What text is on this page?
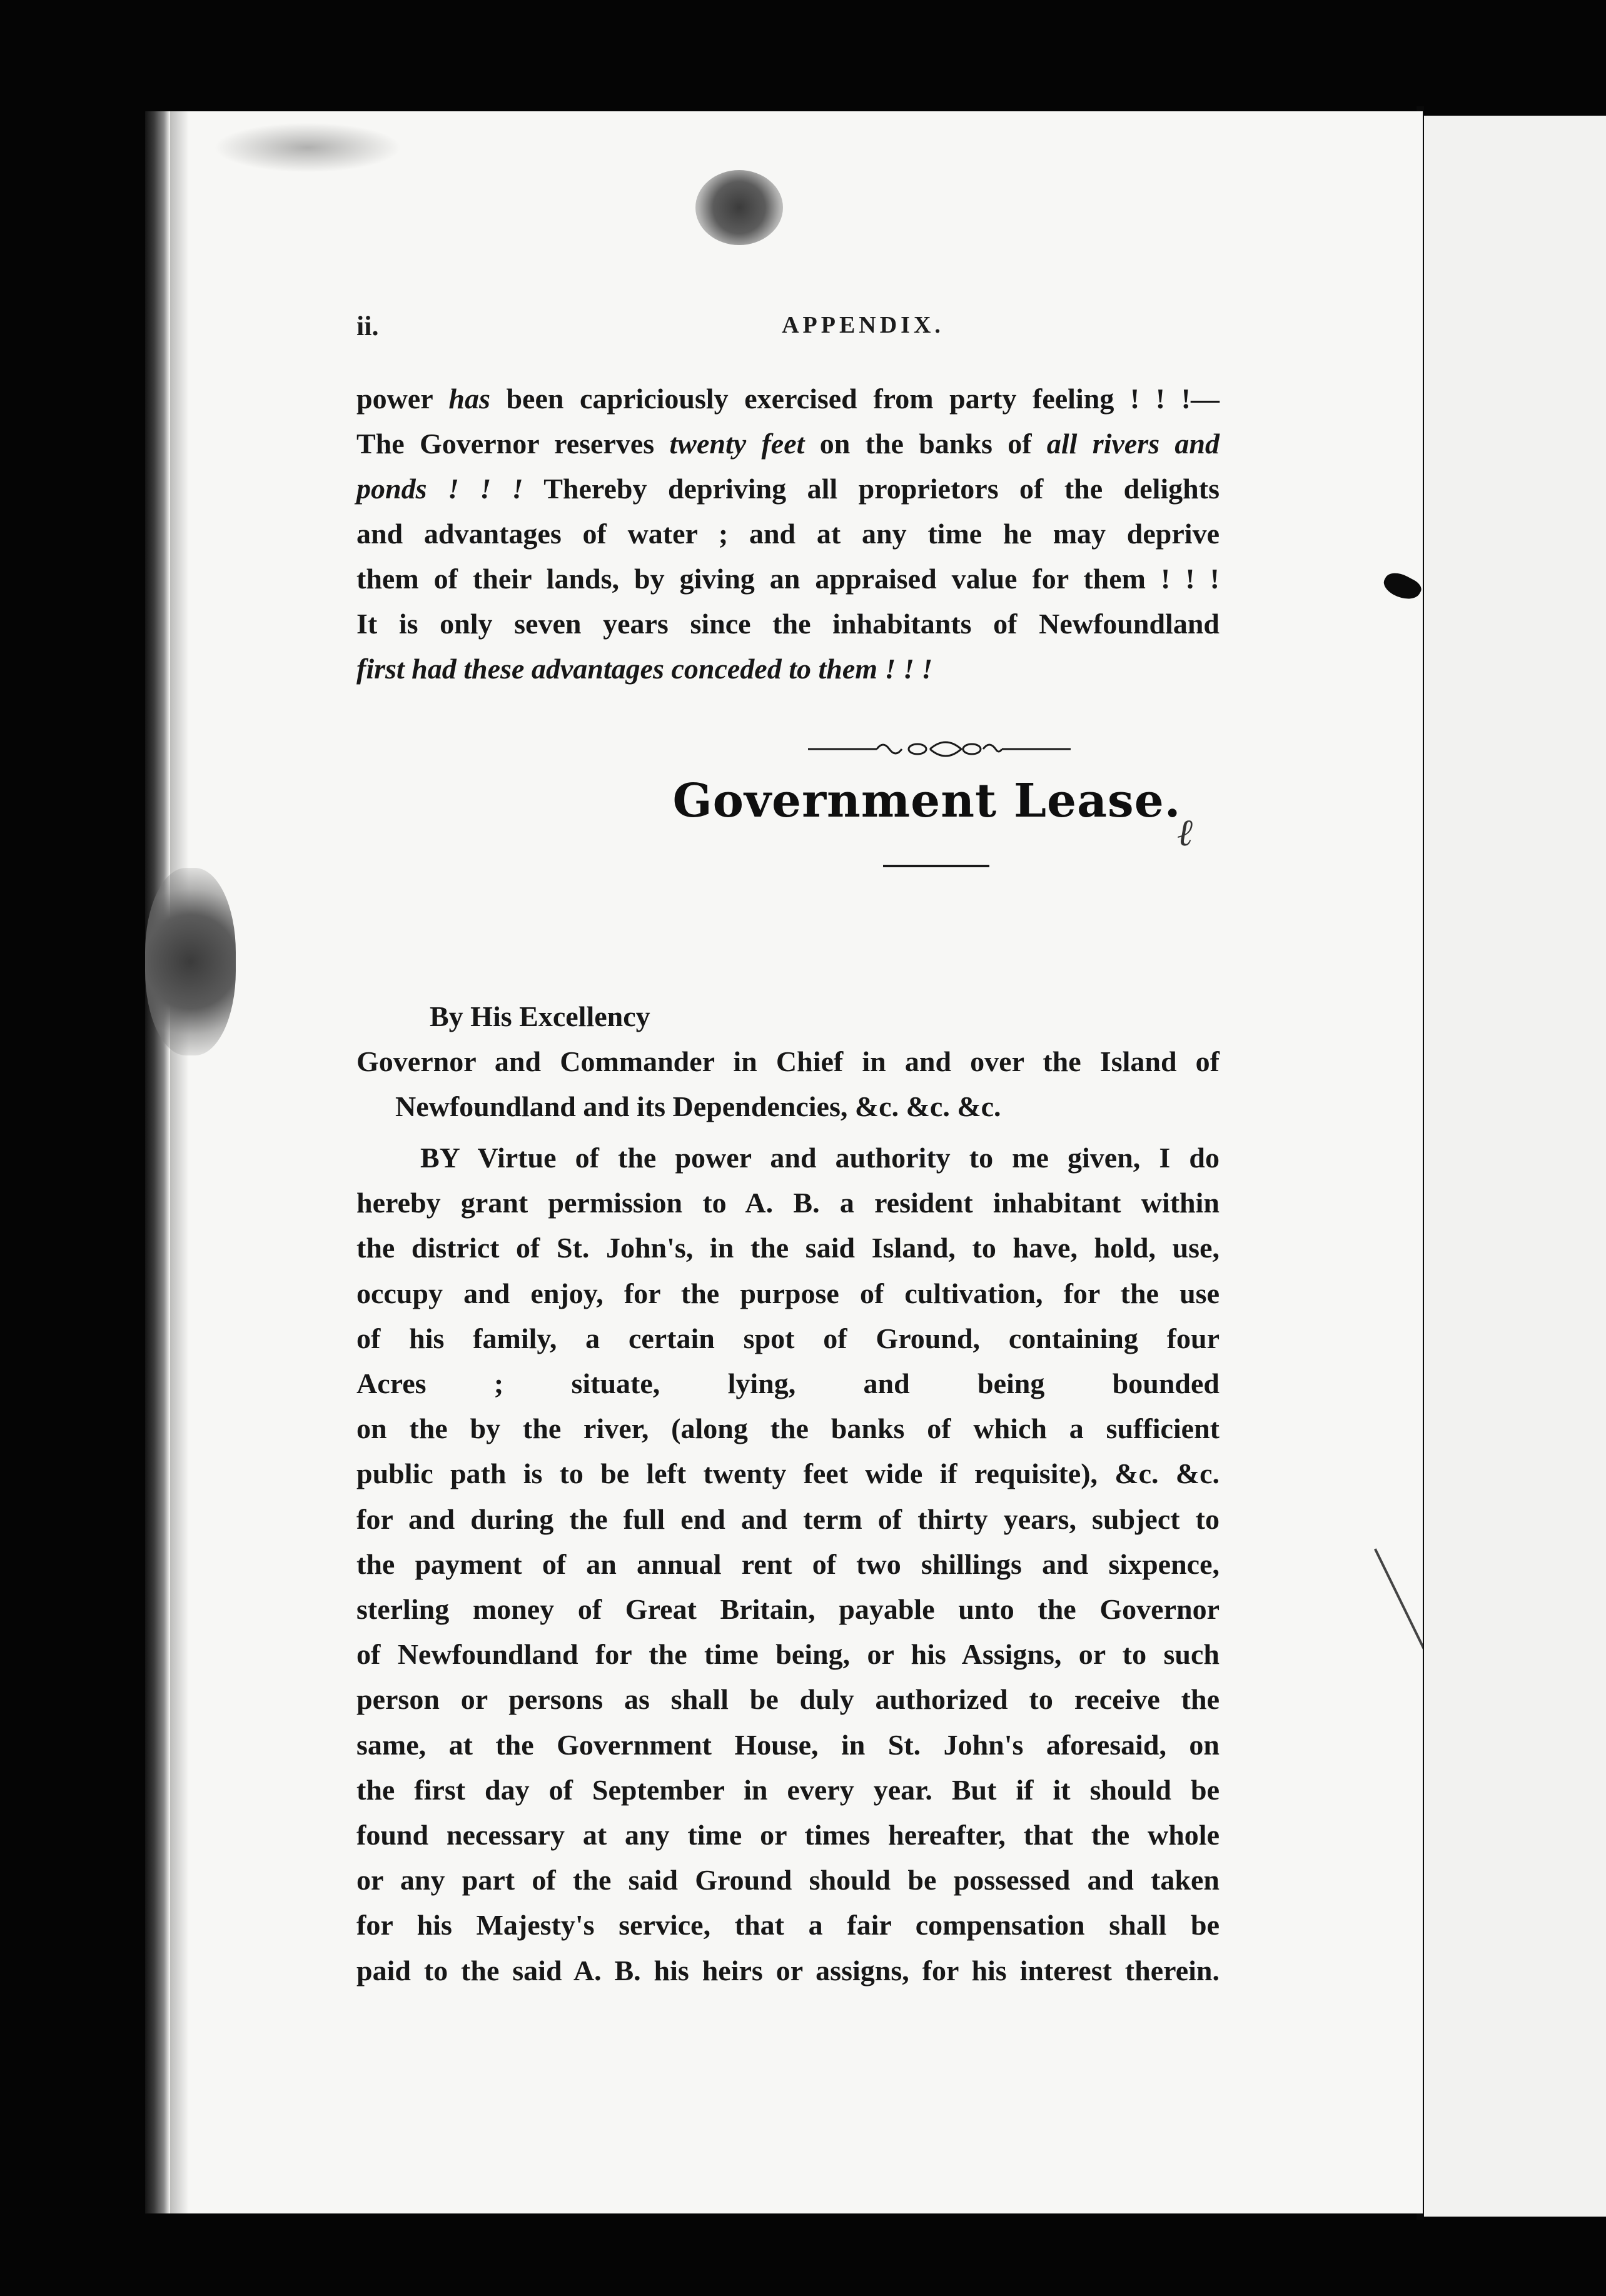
ii.	APPENDIX.
power has been capriciously exercised from party feeling ! ! !—
The Governor reserves twenty feet on the banks of all rivers and
ponds ! ! ! Thereby depriving all proprietors of the delights
and advantages of water ; and at any time he may deprive
them of their lands, by giving an appraised value for them ! ! !
It is only seven years since the inhabitants of Newfoundland
first had these advantages conceded to them ! ! !
Government Lease.
ℓ
By His Excellency
Governor and Commander in Chief in and over the Island of
Newfoundland and its Dependencies, &c. &c. &c.
BY Virtue of the power and authority to me given, I do
hereby grant permission to A. B. a resident inhabitant within
the district of St. John's, in the said Island, to have, hold, use,
occupy and enjoy, for the purpose of cultivation, for the use
of his family, a certain spot of Ground, containing four
Acres ; situate, lying, and being bounded
on the by the river, (along the banks of which a sufficient
public path is to be left twenty feet wide if requisite), &c. &c.
for and during the full end and term of thirty years, subject to
the payment of an annual rent of two shillings and sixpence,
sterling money of Great Britain, payable unto the Governor
of Newfoundland for the time being, or his Assigns, or to such
person or persons as shall be duly authorized to receive the
same, at the Government House, in St. John's aforesaid, on
the first day of September in every year. But if it should be
found necessary at any time or times hereafter, that the whole
or any part of the said Ground should be possessed and taken
for his Majesty's service, that a fair compensation shall be
paid to the said A. B. his heirs or assigns, for his interest therein.
